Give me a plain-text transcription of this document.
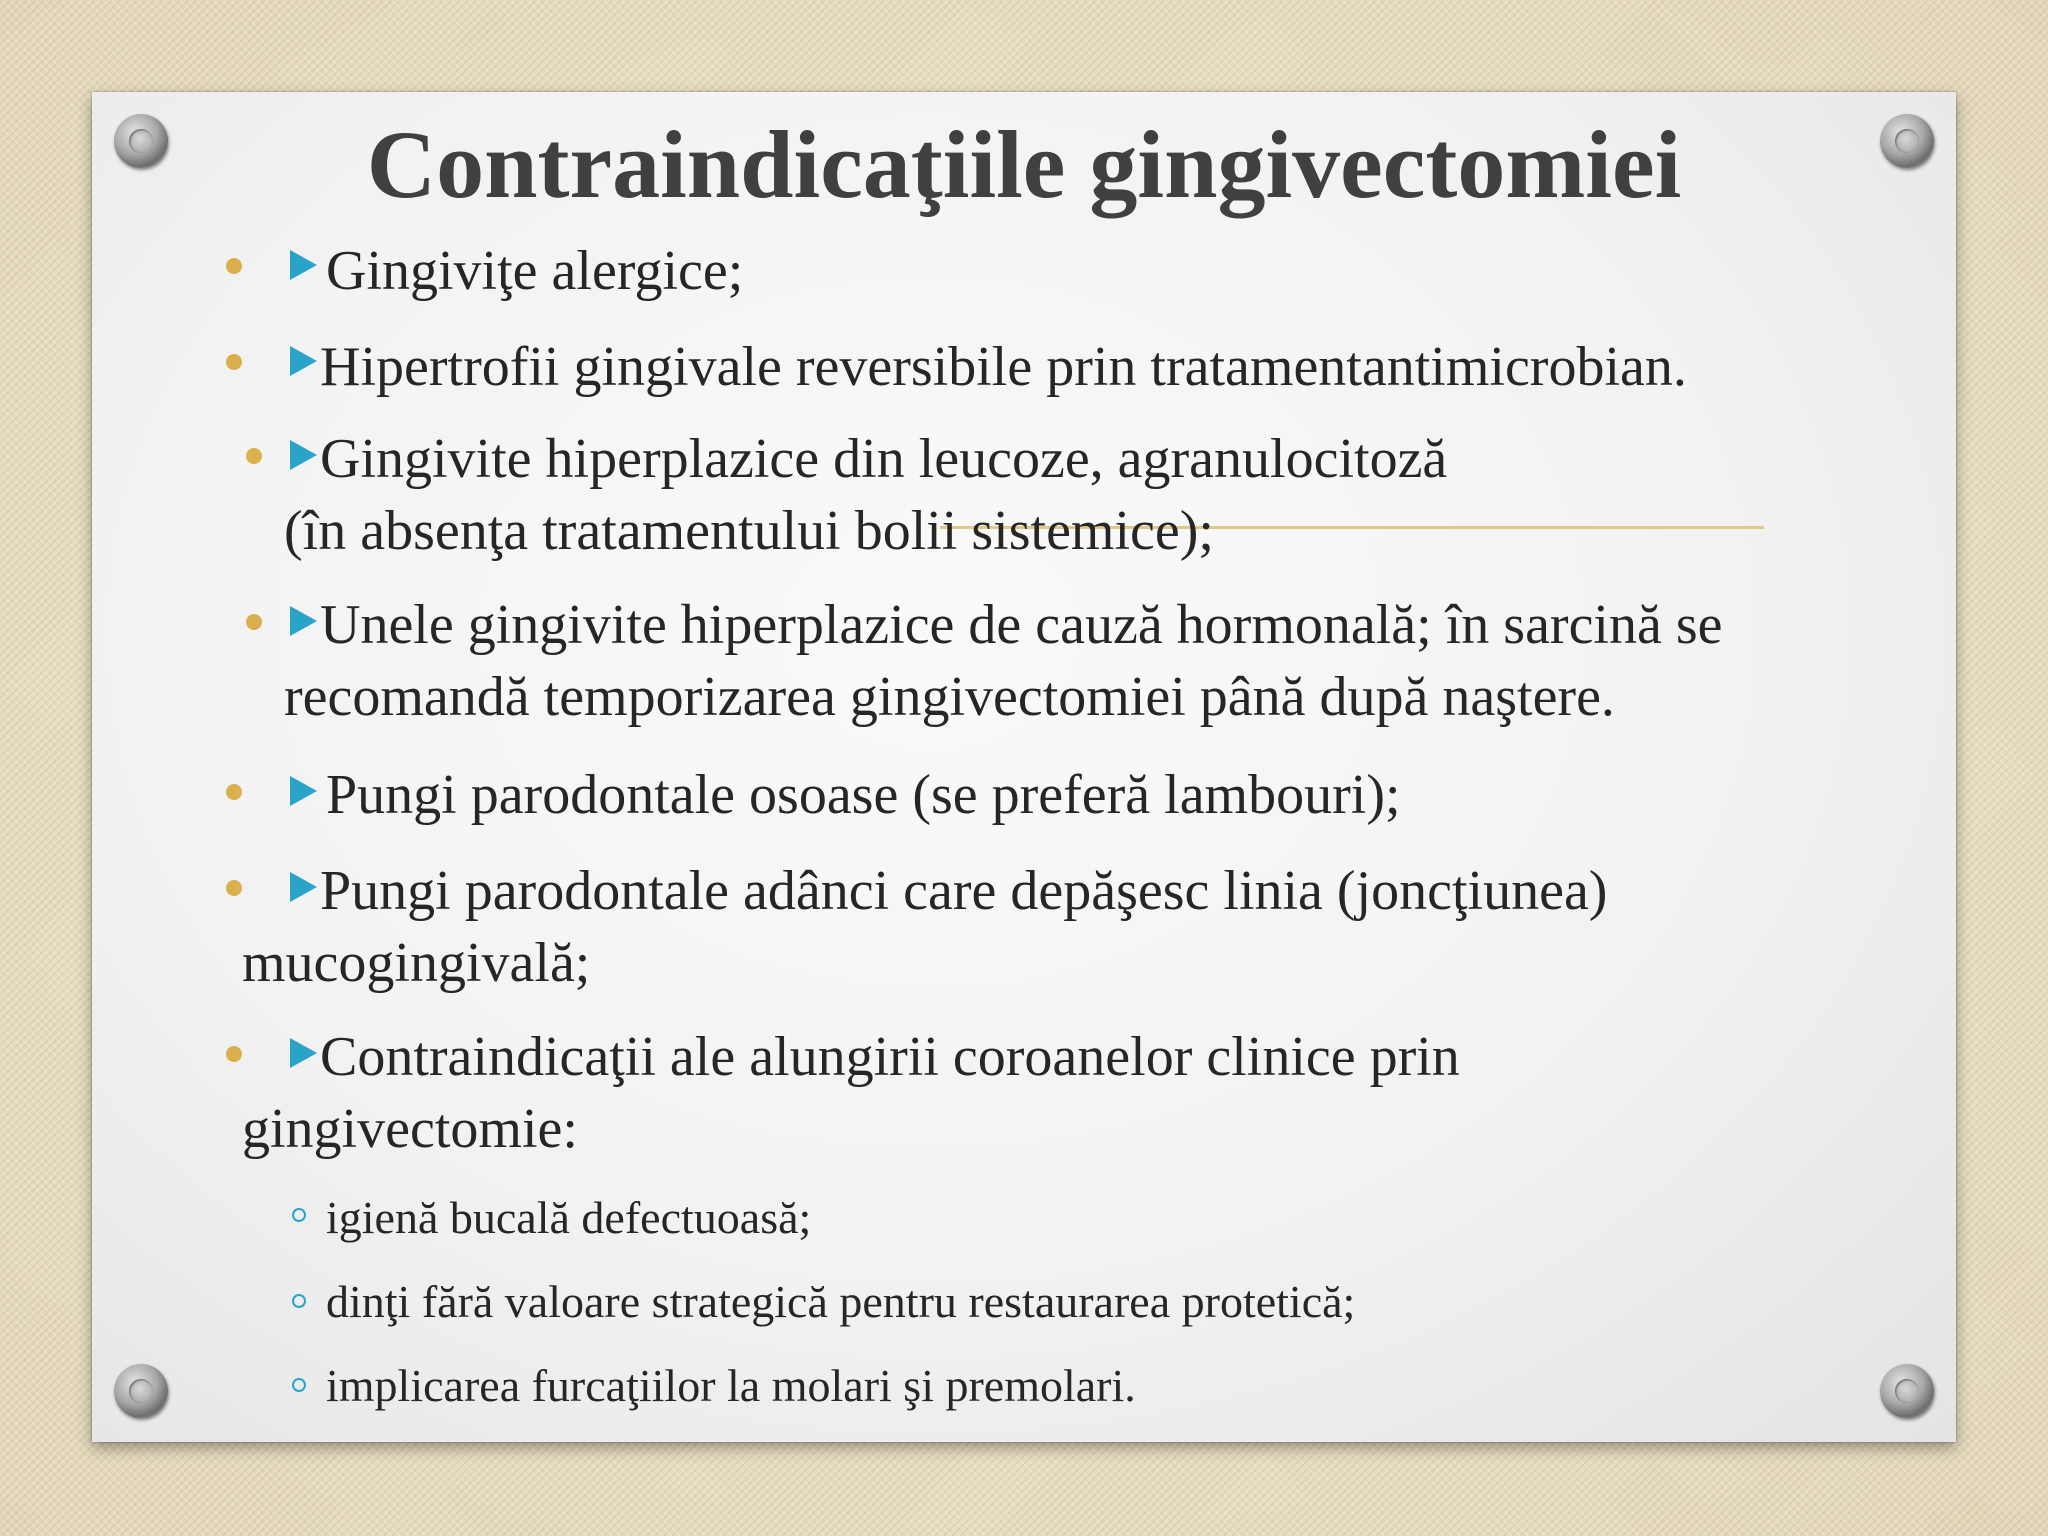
Contraindicaţiile gingivectomiei
Gingiviţe alergice;
Hipertrofii gingivale reversibile prin tratamentantimicrobian.
Gingivite hiperplazice din leucoze, agranulocitoză
(în absenţa tratamentului bolii sistemice);
Unele gingivite hiperplazice de cauză hormonală; în sarcină se
recomandă temporizarea gingivectomiei până după naştere.
Pungi parodontale osoase (se preferă lambouri);
Pungi parodontale adânci care depăşesc linia (joncţiunea)
mucogingivală;
Contraindicaţii ale alungirii coroanelor clinice prin
gingivectomie:
igienă bucală defectuoasă;
dinţi fără valoare strategică pentru restaurarea protetică;
implicarea furcaţiilor la molari şi premolari.
